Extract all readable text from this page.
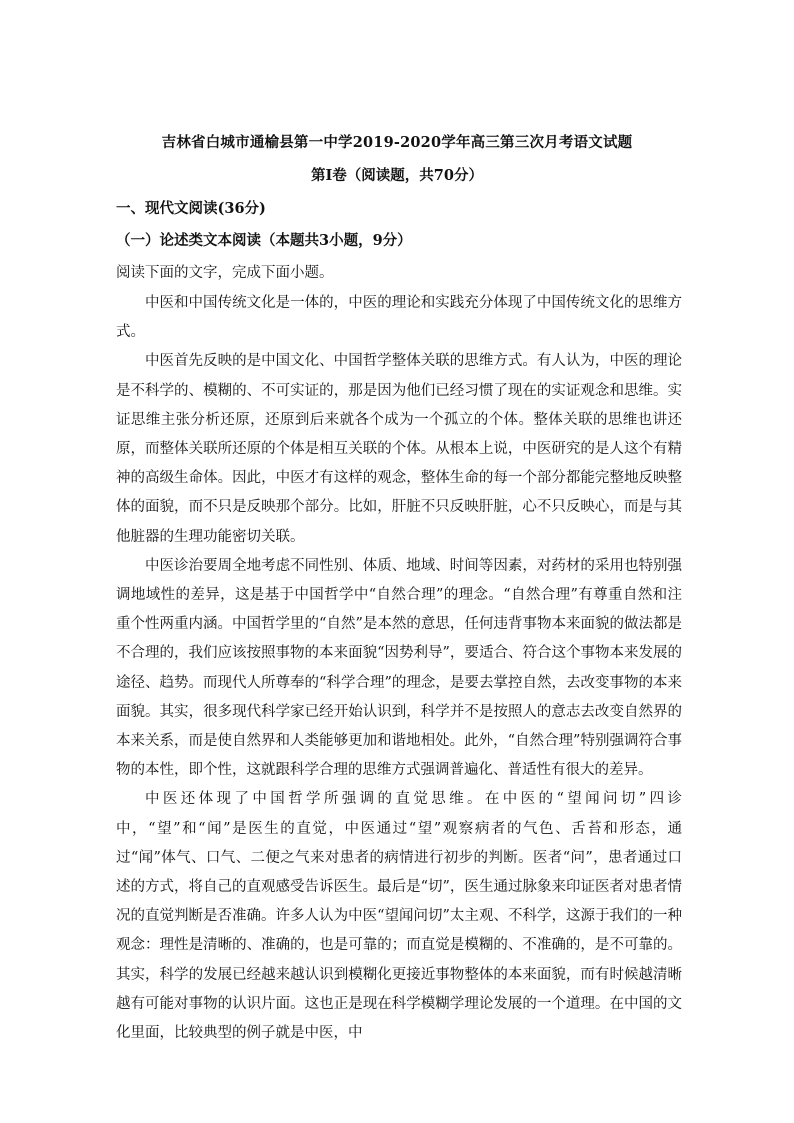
吉林省白城市通榆县第一中学2019-2020学年高三第三次月考语文试题
第Ⅰ卷（阅读题，共70分）
一、现代文阅读(36分)
（一）论述类文本阅读（本题共3小题，9分）
阅读下面的文字，完成下面小题。

中医和中国传统文化是一体的，中医的理论和实践充分体现了中国传统文化的思维方式。

中医首先反映的是中国文化、中国哲学整体关联的思维方式。有人认为，中医的理论是不科学的、模糊的、不可实证的，那是因为他们已经习惯了现在的实证观念和思维。实证思维主张分析还原，还原到后来就各个成为一个孤立的个体。整体关联的思维也讲还原，而整体关联所还原的个体是相互关联的个体。从根本上说，中医研究的是人这个有精神的高级生命体。因此，中医才有这样的观念，整体生命的每一个部分都能完整地反映整体的面貌，而不只是反映那个部分。比如，肝脏不只反映肝脏，心不只反映心，而是与其他脏器的生理功能密切关联。

中医诊治要周全地考虑不同性别、体质、地域、时间等因素，对药材的采用也特别强调地域性的差异，这是基于中国哲学中“自然合理”的理念。“自然合理”有尊重自然和注重个性两重内涵。中国哲学里的“自然”是本然的意思，任何违背事物本来面貌的做法都是不合理的，我们应该按照事物的本来面貌“因势利导”，要适合、符合这个事物本来发展的途径、趋势。而现代人所尊奉的“科学合理”的理念，是要去掌控自然，去改变事物的本来面貌。其实，很多现代科学家已经开始认识到，科学并不是按照人的意志去改变自然界的本来关系，而是使自然界和人类能够更加和谐地相处。此外，“自然合理”特别强调符合事物的本性，即个性，这就跟科学合理的思维方式强调普遍化、普适性有很大的差异。

中医还体现了中国哲学所强调的直觉思维。在中医的“望闻问切”四诊中，“望”和“闻”是医生的直觉，中医通过“望”观察病者的气色、舌苔和形态，通过“闻”体气、口气、二便之气来对患者的病情进行初步的判断。医者“问”，患者通过口述的方式，将自己的直观感受告诉医生。最后是“切”，医生通过脉象来印证医者对患者情况的直觉判断是否准确。许多人认为中医“望闻问切”太主观、不科学，这源于我们的一种观念：理性是清晰的、准确的，也是可靠的；而直觉是模糊的、不准确的，是不可靠的。其实，科学的发展已经越来越认识到模糊化更接近事物整体的本来面貌，而有时候越清晰越有可能对事物的认识片面。这也正是现在科学模糊学理论发展的一个道理。在中国的文化里面，比较典型的例子就是中医，中
